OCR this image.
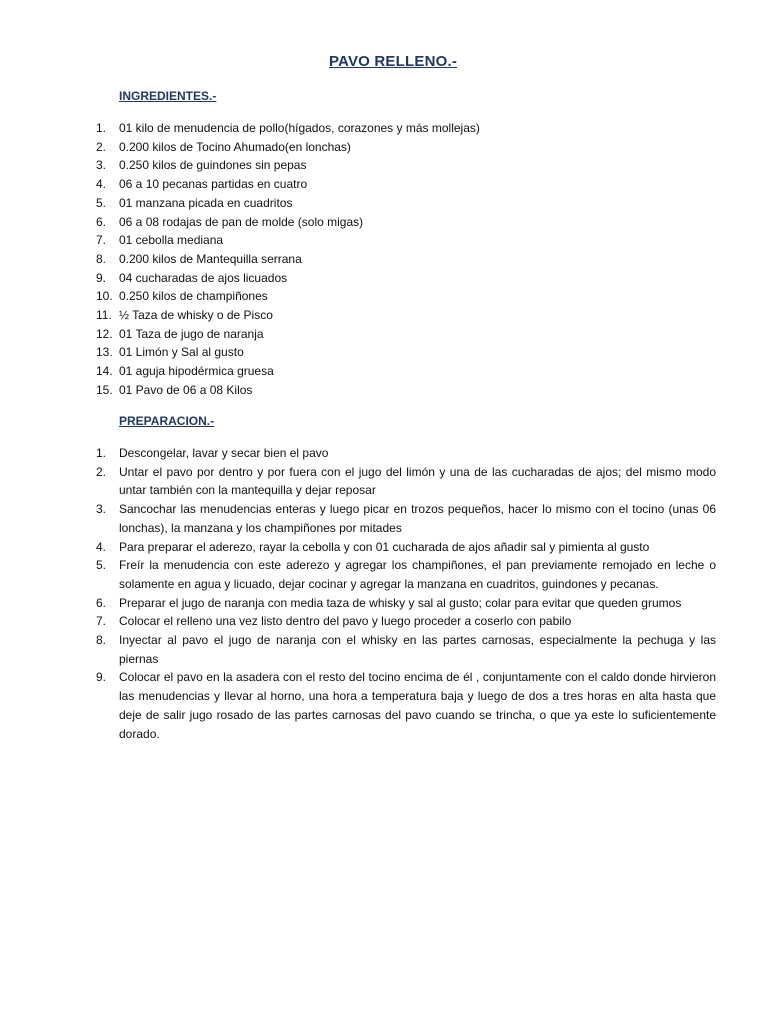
PAVO RELLENO.-
INGREDIENTES.-
1. 01 kilo de menudencia de pollo(hígados, corazones y más mollejas)
2. 0.200 kilos de Tocino Ahumado(en lonchas)
3. 0.250 kilos de guindones sin pepas
4. 06 a 10 pecanas partidas en cuatro
5. 01 manzana picada en cuadritos
6. 06 a 08 rodajas de pan de molde (solo migas)
7. 01 cebolla mediana
8. 0.200 kilos de Mantequilla serrana
9. 04 cucharadas de ajos licuados
10. 0.250 kilos de champiñones
11. ½ Taza de whisky o de Pisco
12. 01 Taza de jugo de naranja
13. 01 Limón y Sal al gusto
14. 01 aguja hipodérmica gruesa
15. 01 Pavo de 06 a 08 Kilos
PREPARACION.-
1. Descongelar, lavar y secar bien el pavo
2. Untar el pavo por dentro y por fuera con el jugo del limón y una de las cucharadas de ajos; del mismo modo untar también con la mantequilla y dejar reposar
3. Sancochar las menudencias enteras y luego picar en trozos pequeños, hacer lo mismo con el tocino (unas 06 lonchas), la manzana y los champiñones por mitades
4. Para preparar el aderezo, rayar la cebolla y con 01 cucharada de ajos añadir sal y pimienta al gusto
5. Freír la menudencia con este aderezo y agregar los champiñones, el pan previamente remojado en leche o solamente en agua y licuado, dejar cocinar y agregar la manzana en cuadritos, guindones y pecanas.
6. Preparar el jugo de naranja con media taza de whisky y sal al gusto; colar para evitar que queden grumos
7. Colocar el relleno una vez listo dentro del pavo y luego proceder a coserlo con pabilo
8. Inyectar al pavo el jugo de naranja con el whisky en las partes carnosas, especialmente la pechuga y las piernas
9. Colocar el pavo en la asadera con el resto del tocino encima de él , conjuntamente con el caldo donde hirvieron las menudencias y llevar al horno, una hora a temperatura baja y luego de dos a tres horas en alta hasta que deje de salir jugo rosado de las partes carnosas del pavo cuando se trincha, o que ya este lo suficientemente dorado.
